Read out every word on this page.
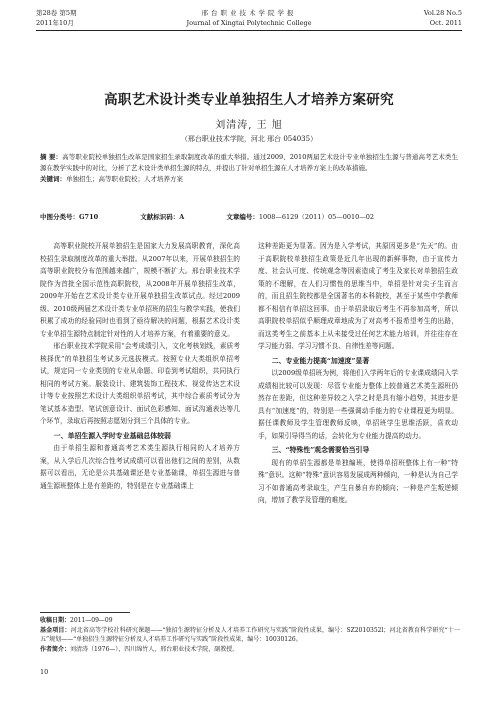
第28卷 第5期
2011年10月
邢台职业技术学院学报
Journal of Xingtai Polytechnic College
Vol.28 No.5
Oct. 2011
高职艺术设计类专业单独招生人才培养方案研究
刘清涛, 王 旭
（邢台职业技术学院，河北 邢台 054035）
摘 要：高等职业院校单独招生改革是国家招生录取制度改革的重大举措。通过2009、2010两届艺术设计专业单独招生生源与普通高考艺术类生源在教学实践中的对比，分析了艺术设计类单招生源的特点，并提出了针对单招生源在人才培养方案上的改革措施。
关键词：单独招生；高等职业院校；人才培养方案
中图分类号：G710	文献标识码：A	文章编号：1008—6129（2011）05—0010—02

高等职业院校开展单独招生是国家大力发展高职教育，深化高校招生录取制度改革的重大举措。从2007年以来，开展单独招生的高等职业院校分布范围越来越广，规模不断扩大。邢台职业技术学院作为首批全国示范性高职院校，从2008年开展单独招生改革，2009年开始在艺术设计类专业开展单独招生改革试点。经过2009级、2010级两届艺术设计类专业单招班的招生与教学实践，使我们积累了成功的经验同时也看到了亟待解决的问题，根据艺术设计类专业单招生源特点制定针对性的人才培养方案，有着重要的意义。

邢台职业技术学院采用“会考成绩引入，文化考核划线，素质考核择优”的单独招生考试多元选拔模式。按照专业大类组织单招考试，规定同一专业类别的专业从命题、印卷到考试组织，共同执行相同的考试方案。服装设计、建筑装饰工程技术、视觉传达艺术设计等专业按照艺术设计大类组织单招考试，其中综合素质考试分为笔试基本造型、笔试创意设计、面试色彩感知、面试沟通表达等几个环节，录取后再按照志愿划分到三个具体的专业。

一、单招生源入学时专业基础总体较弱

由于单招生源和普通高考艺术类生源执行相同的人才培养方案，从入学后几次综合性考试成绩可以看出他们之间的差别，从数据可以看出，无论是公共基础课还是专业基础课，单招生源进与普通生源班整体上是有差距的，特别是在专业基础课上

这种差距更为显著。因为是入学考试，其原因更多是“先天”的。由于高职院校单独招生政策是近几年出现的新鲜事物，由于宣传力度、社会认可度、传统观念等因素造成了考生及家长对单独招生政策的不理解，在人们习惯性的思维当中，单招是针对尖子生而言的，而且招生院校都是全国著名的本科院校，甚至于某些中学教师都不相信有单招这回事。由于单招录取后考生不再参加高考，所以高职院校单招似乎顺理成章地成为了对高考不报希望考生的出路，而这类考生之前基本上从未接受过任何艺术能力培训，并往往存在学习能力弱、学习习惯不良、自律性差等问题。

二、专业能力提高“加速度”显著

以2009级单招班为例，将他们入学两年后的专业课成绩同入学成绩相比较可以发现：尽管专业能力整体上较普通艺术类生源班仍然存在差距，但这种差异较之入学之时是具有缩小趋势，其进步是具有“加速度”的，特别是一些强调动手能力的专业课程更为明显。据任课教师及学生管理教师反映，单招班学生思维活跃，喜欢动手，如果引导得当的话，会转化为专业能力提高的动力。

三、“特殊性”观念需要恰当引导

现有的单招生源都是单独编班，使得单招班整体上有一种“特殊”意识。这种“特殊”意识容易发展成两种倾向，一种是认为自己学习不如普通高考录取生，产生自暴自弃的倾向；一种是产生叛逆倾向，增加了教学及管理的难度。

收稿日期：2011—09—09
基金项目：河北省高等学校社科研究课题——“独招生源特征分析及人才培养工作研究与实践”阶段性成果，编号：SZ2010352l；河北省教育科学研究“十一五”规划——“单独招生生源特征分析及人才培养工作研究与实践”阶段性成果，编号：10030126。
作者简介：刘清涛（1976—），四川绵竹人，邢台职业技术学院，副教授。
10
